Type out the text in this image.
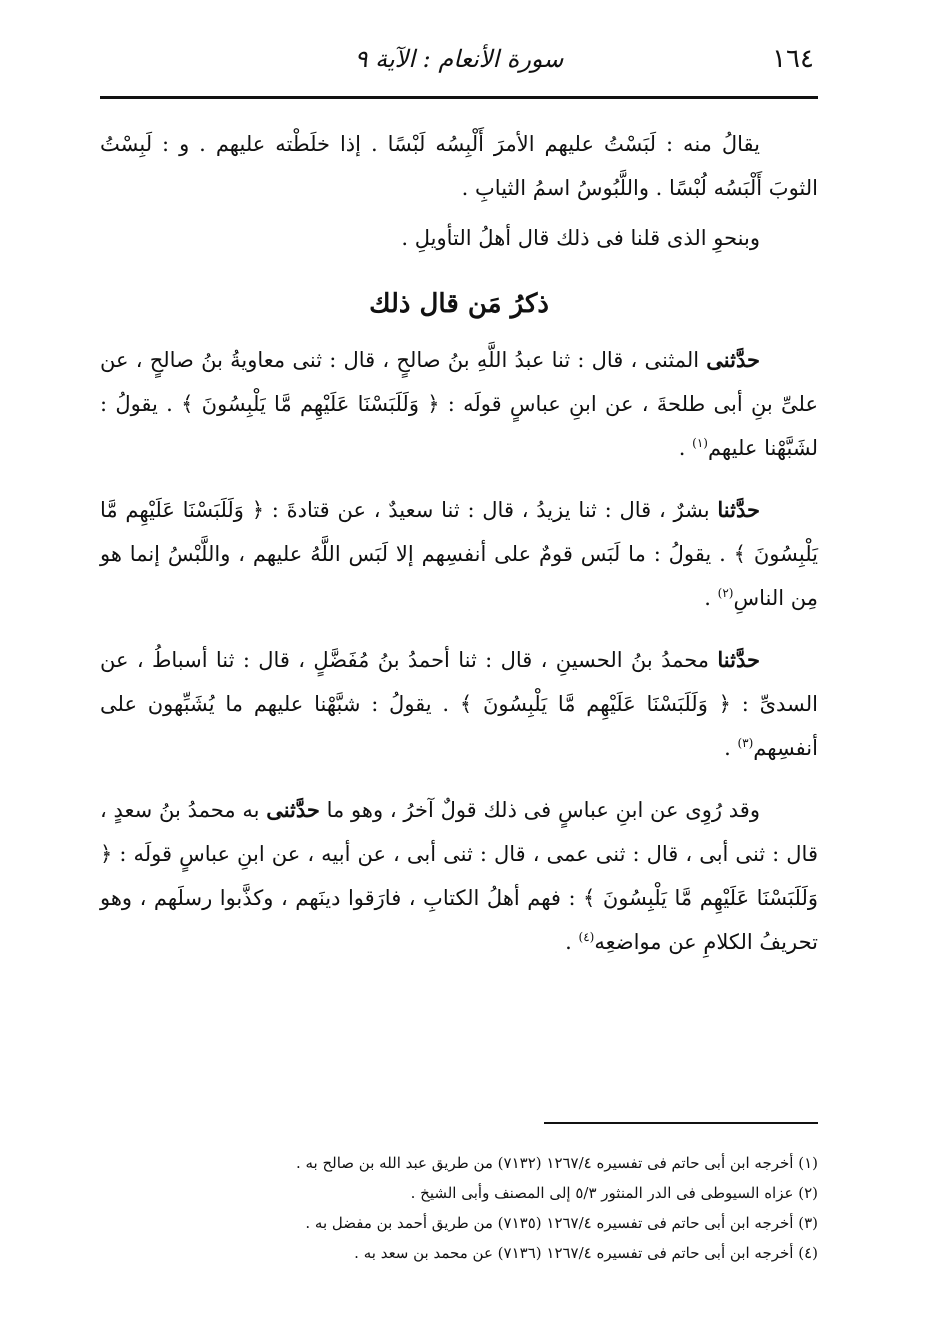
١٦٤
سورة الأنعام : الآية ٩

يقالُ منه : لَبَسْتُ عليهم الأمرَ أَلْبِسُه لَبْسًا . إذا خلَطْته عليهم . و : لَبِسْتُ الثوبَ أَلْبَسُه لُبْسًا . واللَّبُوسُ اسمُ الثيابِ .

وبنحوِ الذى قلنا فى ذلك قال أهلُ التأويلِ .

ذكرُ مَن قال ذلك

حدَّثنى المثنى ، قال : ثنا عبدُ اللَّهِ بنُ صالحٍ ، قال : ثنى معاويةُ بنُ صالحٍ ، عن علىِّ بنِ أبى طلحةَ ، عن ابنِ عباسٍ قولَه : ﴿ وَلَلَبَسْنَا عَلَيْهِم مَّا يَلْبِسُونَ ﴾ . يقولُ : لشَبَّهْنا عليهم$^{(١)}$ .

حدَّثنا بشرٌ ، قال : ثنا يزيدُ ، قال : ثنا سعيدٌ ، عن قتادةَ : ﴿ وَلَلَبَسْنَا عَلَيْهِم مَّا يَلْبِسُونَ ﴾ . يقولُ : ما لَبَس قومٌ على أنفسِهم إلا لَبَس اللَّهُ عليهم ، واللَّبْسُ إنما هو مِن الناسِ$^{(٢)}$ .

حدَّثنا محمدُ بنُ الحسينِ ، قال : ثنا أحمدُ بنُ مُفَضَّلٍ ، قال : ثنا أسباطُ ، عن السدىِّ : ﴿ وَلَلَبَسْنَا عَلَيْهِم مَّا يَلْبِسُونَ ﴾ . يقولُ : شبَّهْنا عليهم ما يُشَبِّهون على أنفسِهم$^{(٣)}$ .

وقد رُوِى عن ابنِ عباسٍ فى ذلك قولٌ آخرُ ، وهو ما حدَّثنى به محمدُ بنُ سعدٍ ، قال : ثنى أبى ، قال : ثنى عمى ، قال : ثنى أبى ، عن أبيه ، عن ابنِ عباسٍ قولَه : ﴿ وَلَلَبَسْنَا عَلَيْهِم مَّا يَلْبِسُونَ ﴾ : فهم أهلُ الكتابِ ، فارَقوا دينَهم ، وكذَّبوا رسلَهم ، وهو تحريفُ الكلامِ عن مواضعِه$^{(٤)}$ .

(١) أخرجه ابن أبى حاتم فى تفسيره ١٢٦٧/٤ (٧١٣٢) من طريق عبد الله بن صالح به .
(٢) عزاه السيوطى فى الدر المنثور ٥/٣ إلى المصنف وأبى الشيخ .
(٣) أخرجه ابن أبى حاتم فى تفسيره ١٢٦٧/٤ (٧١٣٥) من طريق أحمد بن مفضل به .
(٤) أخرجه ابن أبى حاتم فى تفسيره ١٢٦٧/٤ (٧١٣٦) عن محمد بن سعد به .
